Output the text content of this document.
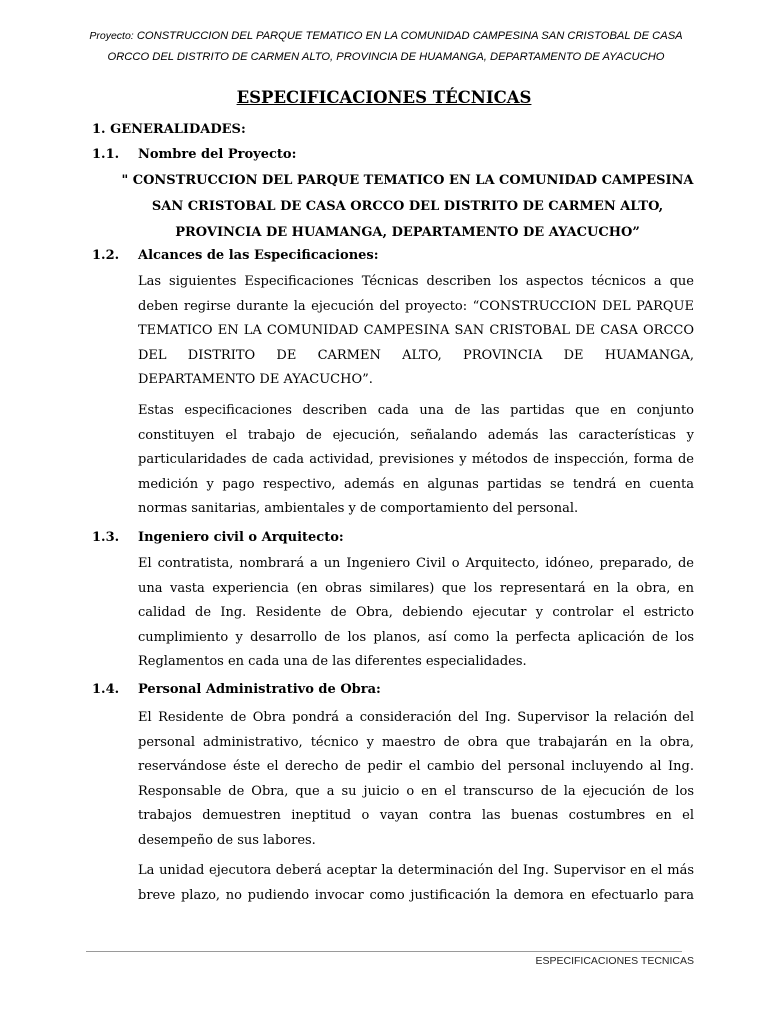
Proyecto: CONSTRUCCION DEL PARQUE TEMATICO EN LA COMUNIDAD CAMPESINA SAN CRISTOBAL DE CASA
ORCCO DEL DISTRITO DE CARMEN ALTO, PROVINCIA DE HUAMANGA, DEPARTAMENTO DE AYACUCHO
ESPECIFICACIONES TÉCNICAS
1. GENERALIDADES:
1.1. Nombre del Proyecto:
" CONSTRUCCION DEL PARQUE TEMATICO EN LA COMUNIDAD CAMPESINA SAN CRISTOBAL DE CASA ORCCO DEL DISTRITO DE CARMEN ALTO, PROVINCIA DE HUAMANGA, DEPARTAMENTO DE AYACUCHO”
1.2. Alcances de las Especificaciones:
Las siguientes Especificaciones Técnicas describen los aspectos técnicos a que deben regirse durante la ejecución del proyecto: “CONSTRUCCION DEL PARQUE TEMATICO EN LA COMUNIDAD CAMPESINA SAN CRISTOBAL DE CASA ORCCO DEL DISTRITO DE CARMEN ALTO, PROVINCIA DE HUAMANGA, DEPARTAMENTO DE AYACUCHO”.
Estas especificaciones describen cada una de las partidas que en conjunto constituyen el trabajo de ejecución, señalando además las características y particularidades de cada actividad, previsiones y métodos de inspección, forma de medición y pago respectivo, además en algunas partidas se tendrá en cuenta normas sanitarias, ambientales y de comportamiento del personal.
1.3. Ingeniero civil o Arquitecto:
El contratista, nombrará a un Ingeniero Civil o Arquitecto, idóneo, preparado, de una vasta experiencia (en obras similares) que los representará en la obra, en calidad de Ing. Residente de Obra, debiendo ejecutar y controlar el estricto cumplimiento y desarrollo de los planos, así como la perfecta aplicación de los Reglamentos en cada una de las diferentes especialidades.
1.4. Personal Administrativo de Obra:
El Residente de Obra pondrá a consideración del Ing. Supervisor la relación del personal administrativo, técnico y maestro de obra que trabajarán en la obra, reservándose éste el derecho de pedir el cambio del personal incluyendo al Ing. Responsable de Obra, que a su juicio o en el transcurso de la ejecución de los trabajos demuestren ineptitud o vayan contra las buenas costumbres en el desempeño de sus labores.
La unidad ejecutora deberá aceptar la determinación del Ing. Supervisor en el más breve plazo, no pudiendo invocar como justificación la demora en efectuarlo para
ESPECIFICACIONES TECNICAS
